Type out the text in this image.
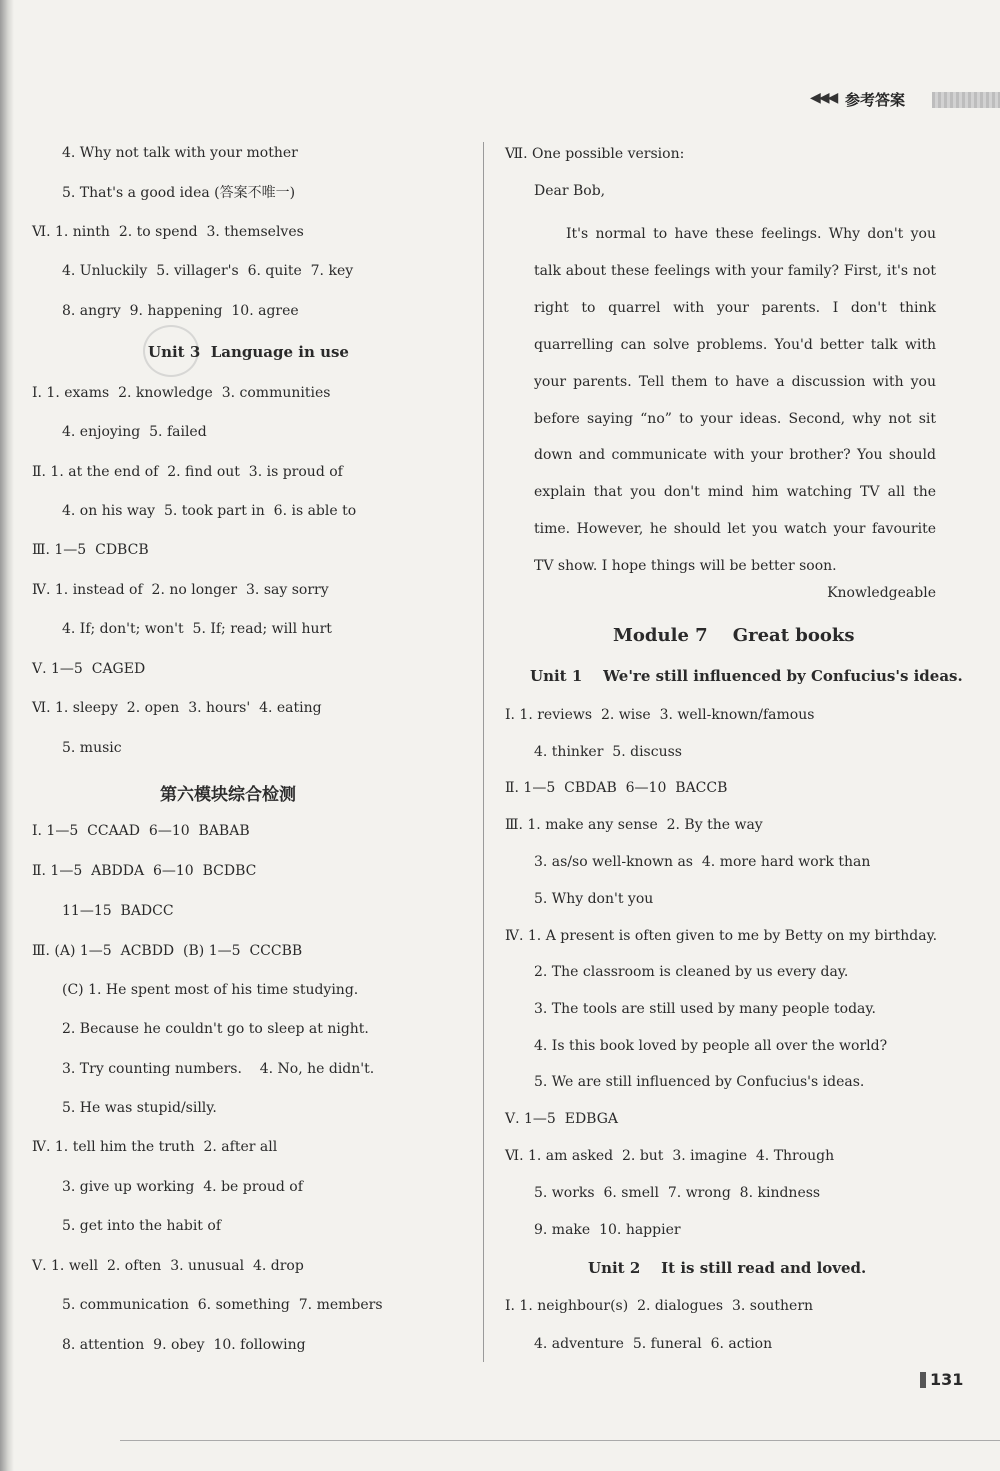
◀◀◀ 参考答案
4. Why not talk with your mother
5. That's a good idea (答案不唯一)
Ⅵ. 1. ninth  2. to spend  3. themselves
4. Unluckily  5. villager's  6. quite  7. key
8. angry  9. happening  10. agree
Unit 3  Language in use
Ⅰ. 1. exams  2. knowledge  3. communities
4. enjoying  5. failed
Ⅱ. 1. at the end of  2. find out  3. is proud of
4. on his way  5. took part in  6. is able to
Ⅲ. 1—5  CDBCB
Ⅳ. 1. instead of  2. no longer  3. say sorry
4. If; don't; won't  5. If; read; will hurt
Ⅴ. 1—5  CAGED
Ⅵ. 1. sleepy  2. open  3. hours'  4. eating
5. music
第六模块综合检测
Ⅰ. 1—5  CCAAD  6—10  BABAB
Ⅱ. 1—5  ABDDA  6—10  BCDBC
11—15  BADCC
Ⅲ. (A) 1—5  ACBDD  (B) 1—5  CCCBB
(C) 1. He spent most of his time studying.
2. Because he couldn't go to sleep at night.
3. Try counting numbers.    4. No, he didn't.
5. He was stupid/silly.
Ⅳ. 1. tell him the truth  2. after all
3. give up working  4. be proud of
5. get into the habit of
Ⅴ. 1. well  2. often  3. unusual  4. drop
5. communication  6. something  7. members
8. attention  9. obey  10. following
Ⅶ. One possible version:
Dear Bob,
It's normal to have these feelings. Why don't you talk about these feelings with your family? First, it's not right to quarrel with your parents. I don't think quarrelling can solve problems. You'd better talk with your parents. Tell them to have a discussion with you before saying “no” to your ideas. Second, why not sit down and communicate with your brother? You should explain that you don't mind him watching TV all the time. However, he should let you watch your favourite TV show. I hope things will be better soon.
Knowledgeable
Module 7    Great books
Unit 1    We're still influenced by Confucius's ideas.
Ⅰ. 1. reviews  2. wise  3. well-known/famous
4. thinker  5. discuss
Ⅱ. 1—5  CBDAB  6—10  BACCB
Ⅲ. 1. make any sense  2. By the way
3. as/so well-known as  4. more hard work than
5. Why don't you
Ⅳ. 1. A present is often given to me by Betty on my birthday.
2. The classroom is cleaned by us every day.
3. The tools are still used by many people today.
4. Is this book loved by people all over the world?
5. We are still influenced by Confucius's ideas.
Ⅴ. 1—5  EDBGA
Ⅵ. 1. am asked  2. but  3. imagine  4. Through
5. works  6. smell  7. wrong  8. kindness
9. make  10. happier
Unit 2    It is still read and loved.
Ⅰ. 1. neighbour(s)  2. dialogues  3. southern
4. adventure  5. funeral  6. action
131
